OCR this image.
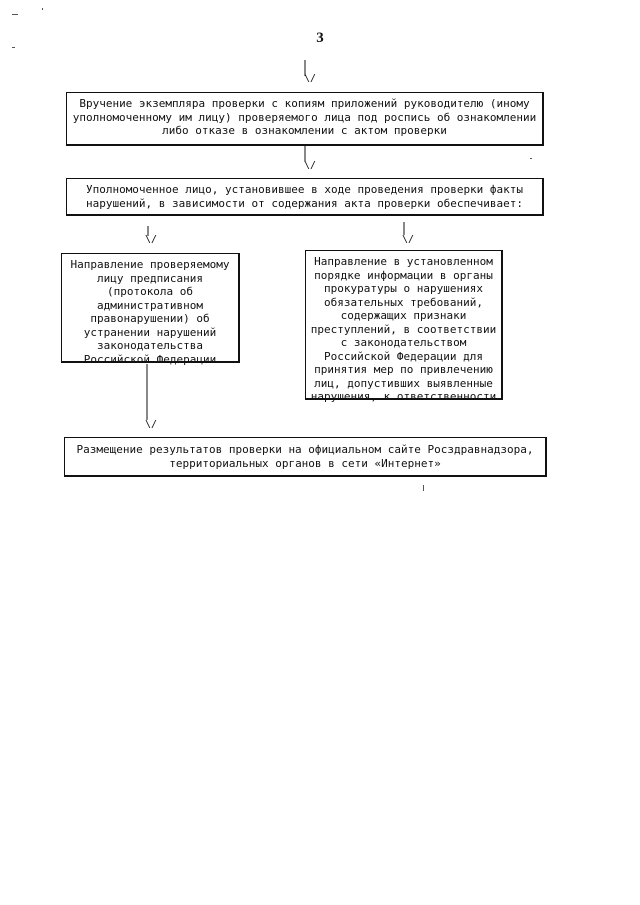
3
\/
\/
\/	\/
\/
Вручение экземпляра проверки с копиям приложений руководителю (иному
уполномоченному им лицу) проверяемого лица под роспись об ознакомлении
либо отказе в ознакомлении с актом проверки
Уполномоченное лицо, установившее в ходе проведения проверки факты
нарушений, в зависимости от содержания акта проверки обеспечивает:
Направление проверяемому
лицу предписания
(протокола об
административном
правонарушении) об
устранении нарушений
законодательства
Российской Федерации
Направление в установленном
порядке информации в органы
прокуратуры о нарушениях
обязательных требований,
содержащих признаки
преступлений, в соответствии
с законодательством
Российской Федерации для
принятия мер по привлечению
лиц, допустивших выявленные
нарушения, к ответственности
Размещение результатов проверки на официальном сайте Росздравнадзора,
территориальных органов в сети «Интернет»
